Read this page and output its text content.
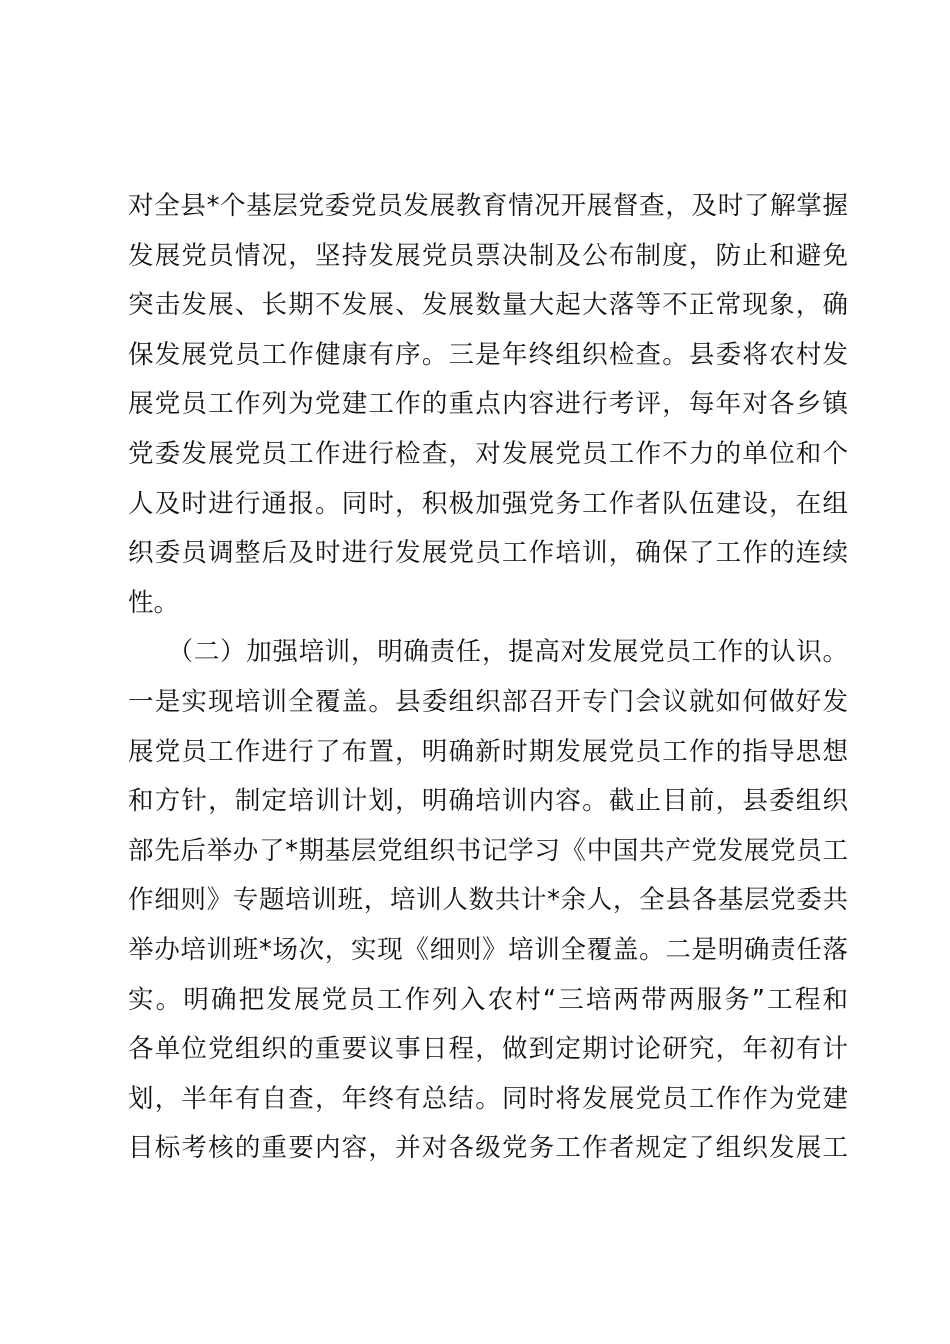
对全县*个基层党委党员发展教育情况开展督查，及时了解掌握
发展党员情况，坚持发展党员票决制及公布制度，防止和避免
突击发展、长期不发展、发展数量大起大落等不正常现象，确
保发展党员工作健康有序。三是年终组织检查。县委将农村发
展党员工作列为党建工作的重点内容进行考评，每年对各乡镇
党委发展党员工作进行检查，对发展党员工作不力的单位和个
人及时进行通报。同时，积极加强党务工作者队伍建设，在组
织委员调整后及时进行发展党员工作培训，确保了工作的连续
性。
　　（二）加强培训，明确责任，提高对发展党员工作的认识。
一是实现培训全覆盖。县委组织部召开专门会议就如何做好发
展党员工作进行了布置，明确新时期发展党员工作的指导思想
和方针，制定培训计划，明确培训内容。截止目前，县委组织
部先后举办了*期基层党组织书记学习《中国共产党发展党员工
作细则》专题培训班，培训人数共计*余人，全县各基层党委共
举办培训班*场次，实现《细则》培训全覆盖。二是明确责任落
实。明确把发展党员工作列入农村“三培两带两服务”工程和
各单位党组织的重要议事日程，做到定期讨论研究，年初有计
划，半年有自查，年终有总结。同时将发展党员工作作为党建
目标考核的重要内容，并对各级党务工作者规定了组织发展工
